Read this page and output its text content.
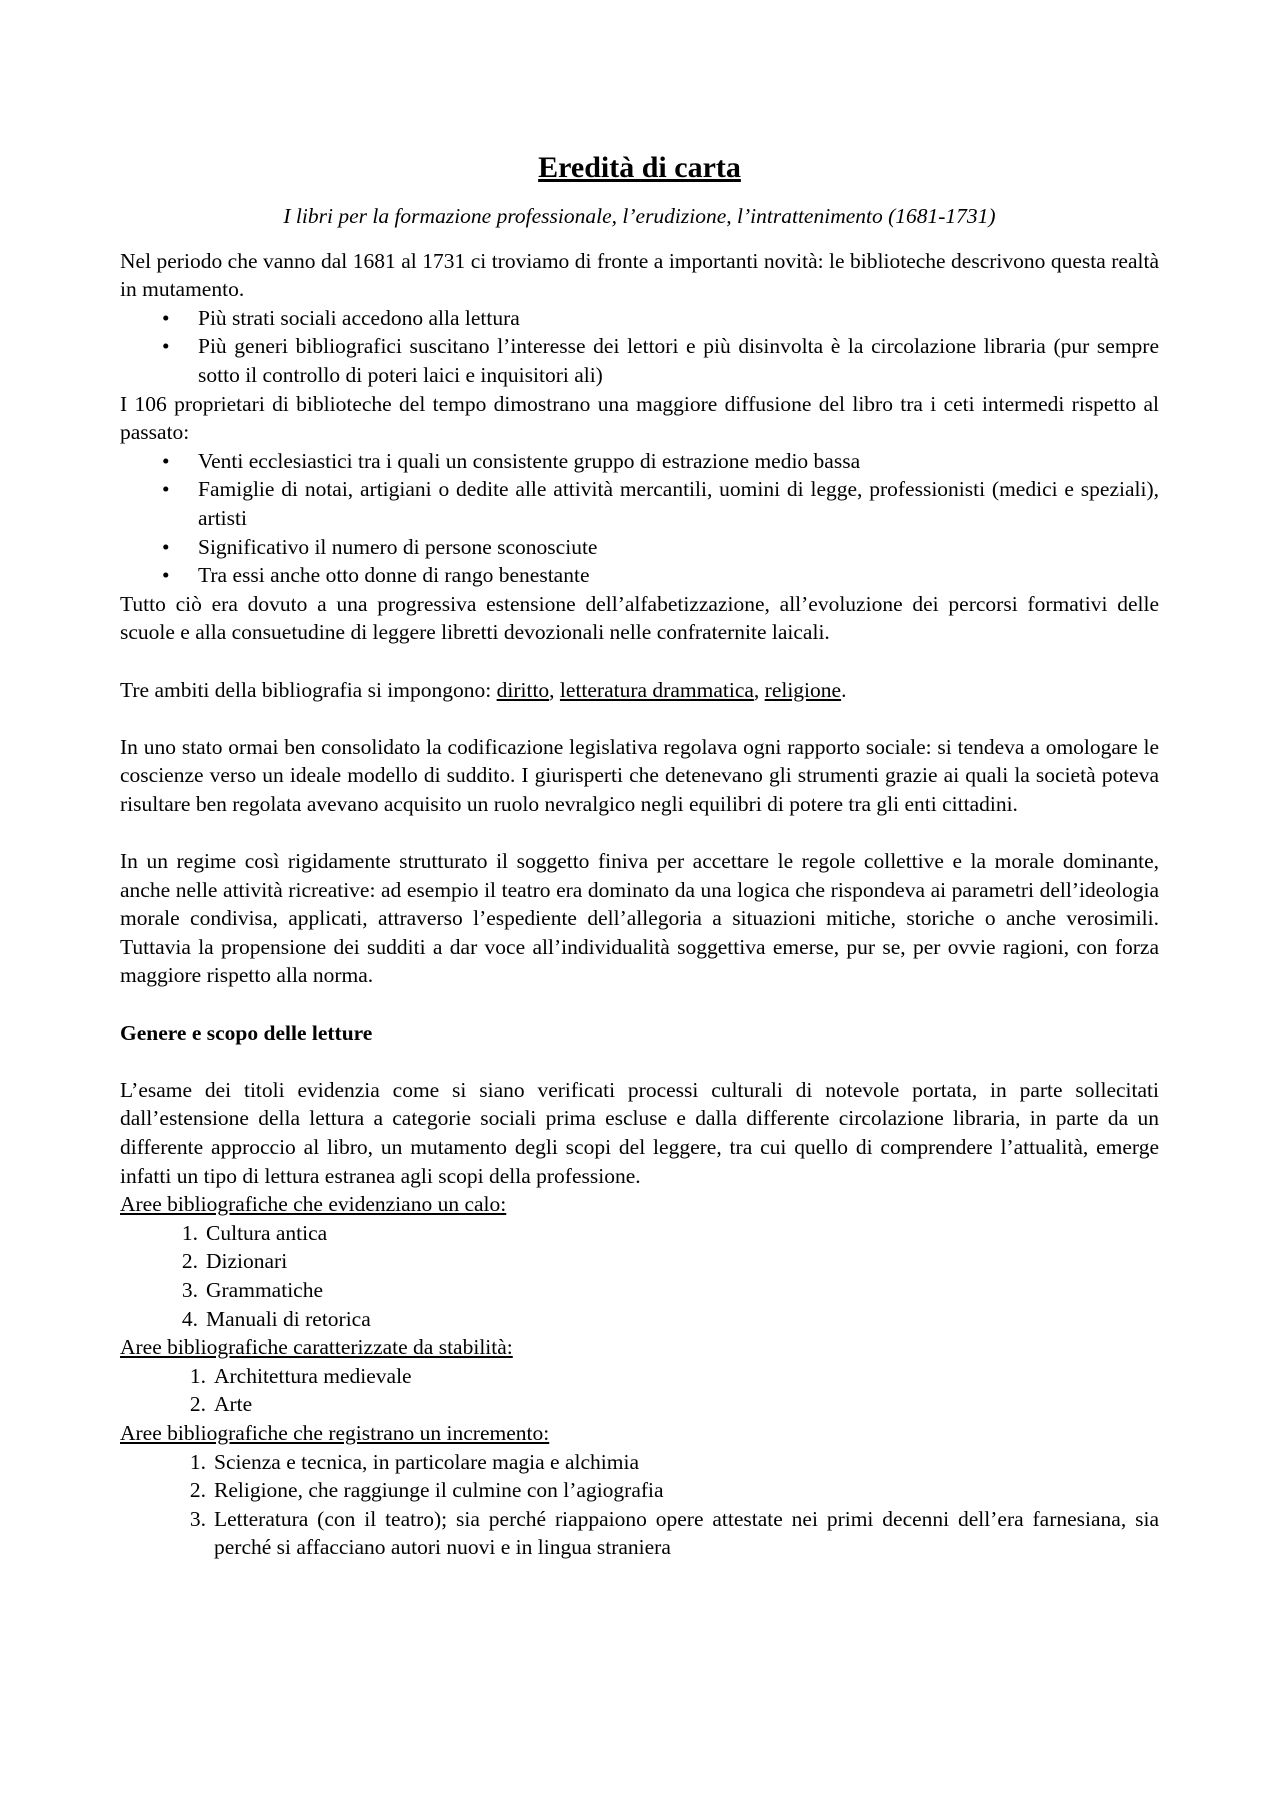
Eredità di carta
I libri per la formazione professionale, l’erudizione, l’intrattenimento (1681-1731)

Nel periodo che vanno dal 1681 al 1731 ci troviamo di fronte a importanti novità: le biblioteche descrivono questa realtà in mutamento.

• Più strati sociali accedono alla lettura
• Più generi bibliografici suscitano l’interesse dei lettori e più disinvolta è la circolazione libraria (pur sempre sotto il controllo di poteri laici e inquisitori ali)

I 106 proprietari di biblioteche del tempo dimostrano una maggiore diffusione del libro tra i ceti intermedi rispetto al passato:

• Venti ecclesiastici tra i quali un consistente gruppo di estrazione medio bassa
• Famiglie di notai, artigiani o dedite alle attività mercantili, uomini di legge, professionisti (medici e speziali), artisti
• Significativo il numero di persone sconosciute
• Tra essi anche otto donne di rango benestante

Tutto ciò era dovuto a una progressiva estensione dell’alfabetizzazione, all’evoluzione dei percorsi formativi delle scuole e alla consuetudine di leggere libretti devozionali nelle confraternite laicali.

Tre ambiti della bibliografia si impongono: diritto, letteratura drammatica, religione.

In uno stato ormai ben consolidato la codificazione legislativa regolava ogni rapporto sociale: si tendeva a omologare le coscienze verso un ideale modello di suddito. I giurisperti che detenevano gli strumenti grazie ai quali la società poteva risultare ben regolata avevano acquisito un ruolo nevralgico negli equilibri di potere tra gli enti cittadini.

In un regime così rigidamente strutturato il soggetto finiva per accettare le regole collettive e la morale dominante, anche nelle attività ricreative: ad esempio il teatro era dominato da una logica che rispondeva ai parametri dell’ideologia morale condivisa, applicati, attraverso l’espediente dell’allegoria a situazioni mitiche, storiche o anche verosimili. Tuttavia la propensione dei sudditi a dar voce all’individualità soggettiva emerse, pur se, per ovvie ragioni, con forza maggiore rispetto alla norma.

Genere e scopo delle letture

L’esame dei titoli evidenzia come si siano verificati processi culturali di notevole portata, in parte sollecitati dall’estensione della lettura a categorie sociali prima escluse e dalla differente circolazione libraria, in parte da un differente approccio al libro, un mutamento degli scopi del leggere, tra cui quello di comprendere l’attualità, emerge infatti un tipo di lettura estranea agli scopi della professione.

Aree bibliografiche che evidenziano un calo:

1. Cultura antica
2. Dizionari
3. Grammatiche
4. Manuali di retorica

Aree bibliografiche caratterizzate da stabilità:

1. Architettura medievale
2. Arte

Aree bibliografiche che registrano un incremento:

1. Scienza e tecnica, in particolare magia e alchimia
2. Religione, che raggiunge il culmine con l’agiografia
3. Letteratura (con il teatro); sia perché riappaiono opere attestate nei primi decenni dell’era farnesiana, sia perché si affacciano autori nuovi e in lingua straniera
